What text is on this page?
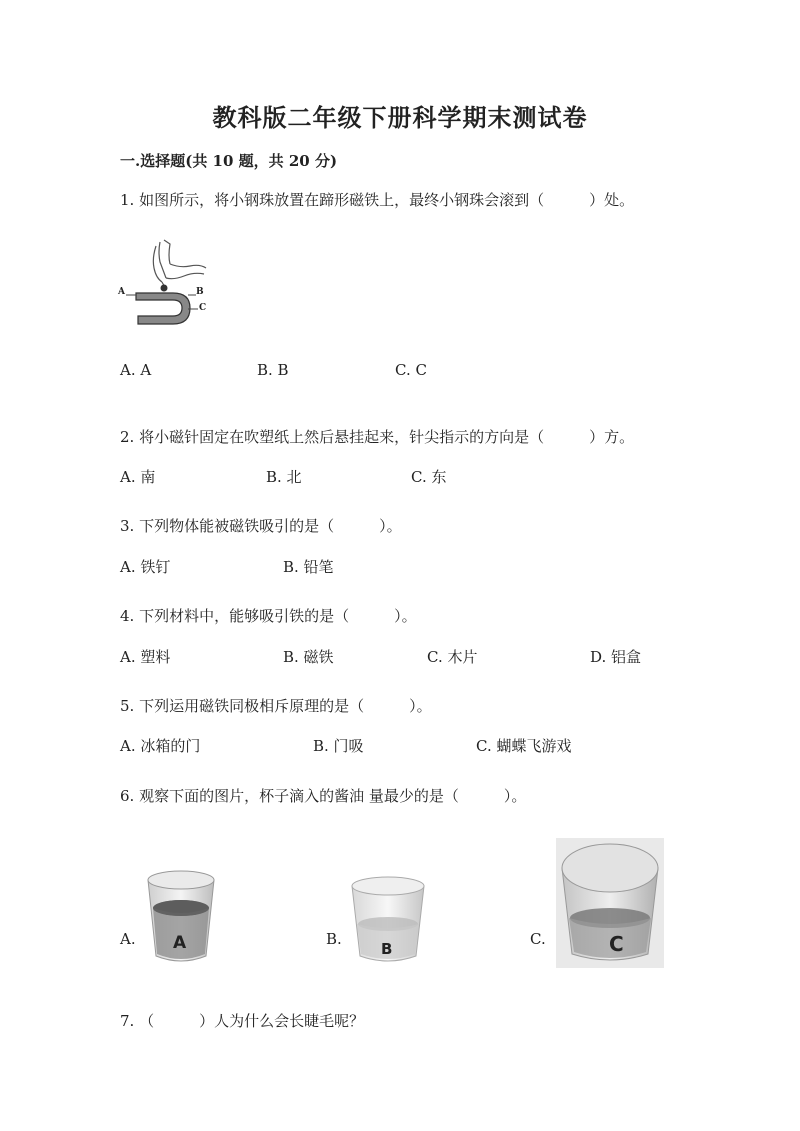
教科版二年级下册科学期末测试卷
一.选择题(共 10 题，共 20 分)
1. 如图所示，将小钢珠放置在蹄形磁铁上，最终小钢珠会滚到（　　　）处。
A	B
C
A. A	B. B	C. C
2. 将小磁针固定在吹塑纸上然后悬挂起来，针尖指示的方向是（　　　）方。
A. 南	B. 北	C. 东
3. 下列物体能被磁铁吸引的是（　　　）。
A. 铁钉	B. 铅笔
4. 下列材料中，能够吸引铁的是（　　　）。
A. 塑料	B. 磁铁	C. 木片	D. 铝盒
5. 下列运用磁铁同极相斥原理的是（　　　）。
A. 冰箱的门	B. 门吸	C. 蝴蝶飞游戏
6. 观察下面的图片，杯子滴入的酱油 量最少的是（　　　）。
A.	B.	C.
A	B	C
7. （　　　）人为什么会长睫毛呢？
